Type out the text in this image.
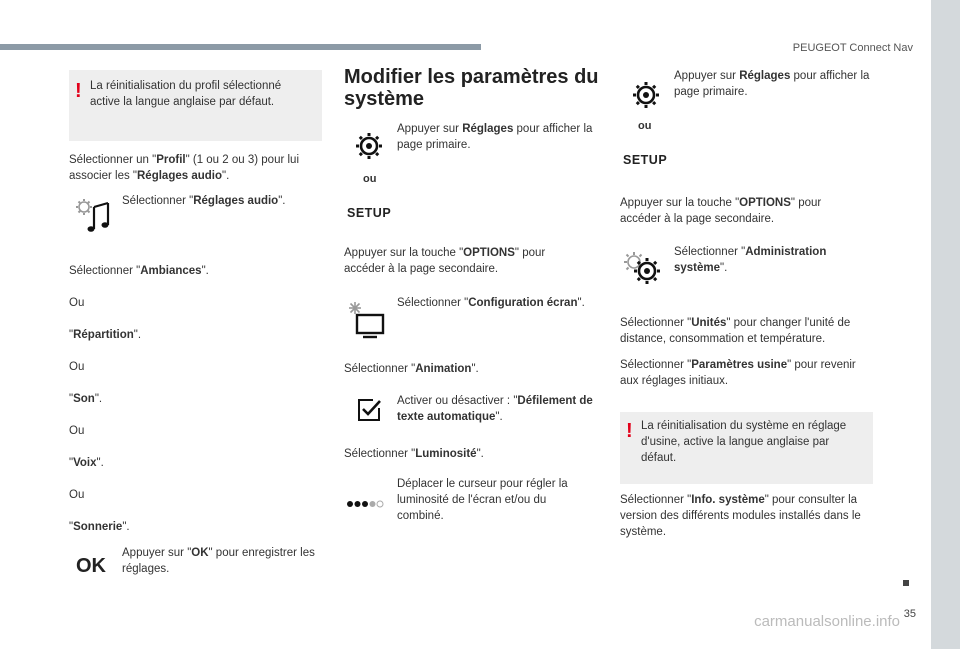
PEUGEOT Connect Nav
35
! La réinitialisation du profil sélectionné active la langue anglaise par défaut.
Sélectionner un "Profil" (1 ou 2 ou 3) pour lui associer les "Réglages audio".
Sélectionner "Réglages audio".
Sélectionner "Ambiances".
Ou
"Répartition".
Ou
"Son".
Ou
"Voix".
Ou
"Sonnerie".
OK
Appuyer sur "OK" pour enregistrer les réglages.
Modifier les paramètres du système
Appuyer sur Réglages pour afficher la page primaire.
ou
SETUP
Appuyer sur la touche "OPTIONS" pour accéder à la page secondaire.
Sélectionner "Configuration écran".
Sélectionner "Animation".
Activer ou désactiver : "Défilement de texte automatique".
Sélectionner "Luminosité".
Déplacer le curseur pour régler la luminosité de l'écran et/ou du combiné.
Appuyer sur Réglages pour afficher la page primaire.
ou
SETUP
Appuyer sur la touche "OPTIONS" pour accéder à la page secondaire.
Sélectionner "Administration système".
Sélectionner "Unités" pour changer l'unité de distance, consommation et température.
Sélectionner "Paramètres usine" pour revenir aux réglages initiaux.
! La réinitialisation du système en réglage d'usine, active la langue anglaise par défaut.
Sélectionner "Info. système" pour consulter la version des différents modules installés dans le système.
carmanualsonline.info
